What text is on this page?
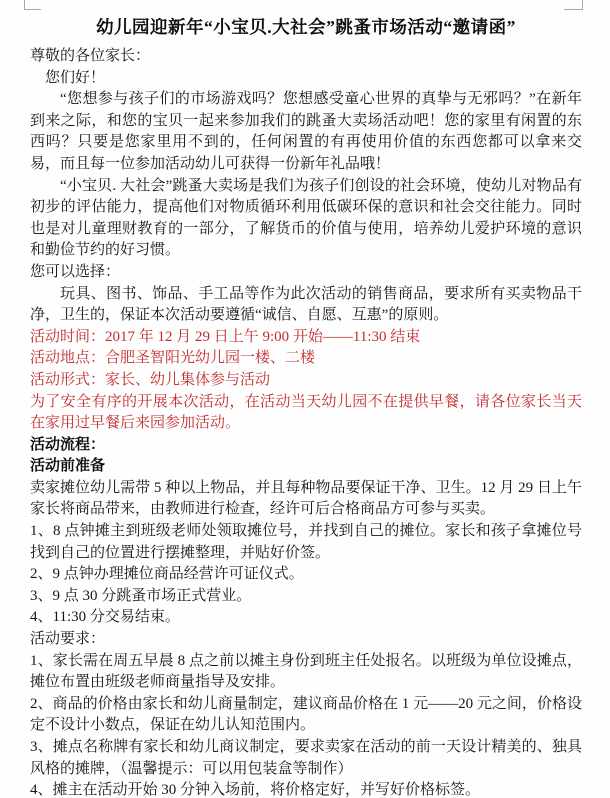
幼儿园迎新年“小宝贝.大社会”跳蚤市场活动“邀请函”

尊敬的各位家长：

您们好！

“您想参与孩子们的市场游戏吗？您想感受童心世界的真挚与无邪吗？”在新年到来之际，和您的宝贝一起来参加我们的跳蚤大卖场活动吧！您的家里有闲置的东西吗？只要是您家里用不到的，任何闲置的有再使用价值的东西您都可以拿来交易，而且每一位参加活动幼儿可获得一份新年礼品哦！

“小宝贝. 大社会”跳蚤大卖场是我们为孩子们创设的社会环境，使幼儿对物品有初步的评估能力，提高他们对物质循环利用低碳环保的意识和社会交往能力。同时也是对儿童理财教育的一部分，了解货币的价值与使用，培养幼儿爱护环境的意识和勤俭节约的好习惯。

您可以选择：

玩具、图书、饰品、手工品等作为此次活动的销售商品，要求所有买卖物品干净，卫生的，保证本次活动要遵循“诚信、自愿、互惠”的原则。

活动时间：2017 年 12 月 29 日上午 9:00 开始——11:30 结束

活动地点：合肥圣智阳光幼儿园一楼、二楼

活动形式：家长、幼儿集体参与活动

为了安全有序的开展本次活动，在活动当天幼儿园不在提供早餐，请各位家长当天在家用过早餐后来园参加活动。

活动流程：

活动前准备

卖家摊位幼儿需带 5 种以上物品，并且每种物品要保证干净、卫生。12 月 29 日上午家长将商品带来，由教师进行检查，经许可后合格商品方可参与买卖。

1、8 点钟摊主到班级老师处领取摊位号，并找到自己的摊位。家长和孩子拿摊位号找到自己的位置进行摆摊整理，并贴好价签。

2、9 点钟办理摊位商品经营许可证仪式。

3、9 点 30 分跳蚤市场正式营业。

4、11:30 分交易结束。

活动要求：

1、家长需在周五早晨 8 点之前以摊主身份到班主任处报名。以班级为单位设摊点，摊位布置由班级老师商量指导及安排。

2、商品的价格由家长和幼儿商量制定，建议商品价格在 1 元——20 元之间，价格设定不设计小数点，保证在幼儿认知范围内。

3、摊点名称牌有家长和幼儿商议制定，要求卖家在活动的前一天设计精美的、独具风格的摊牌，（温馨提示：可以用包装盒等制作）

4、摊主在活动开始 30 分钟入场前，将价格定好，并写好价格标签。
